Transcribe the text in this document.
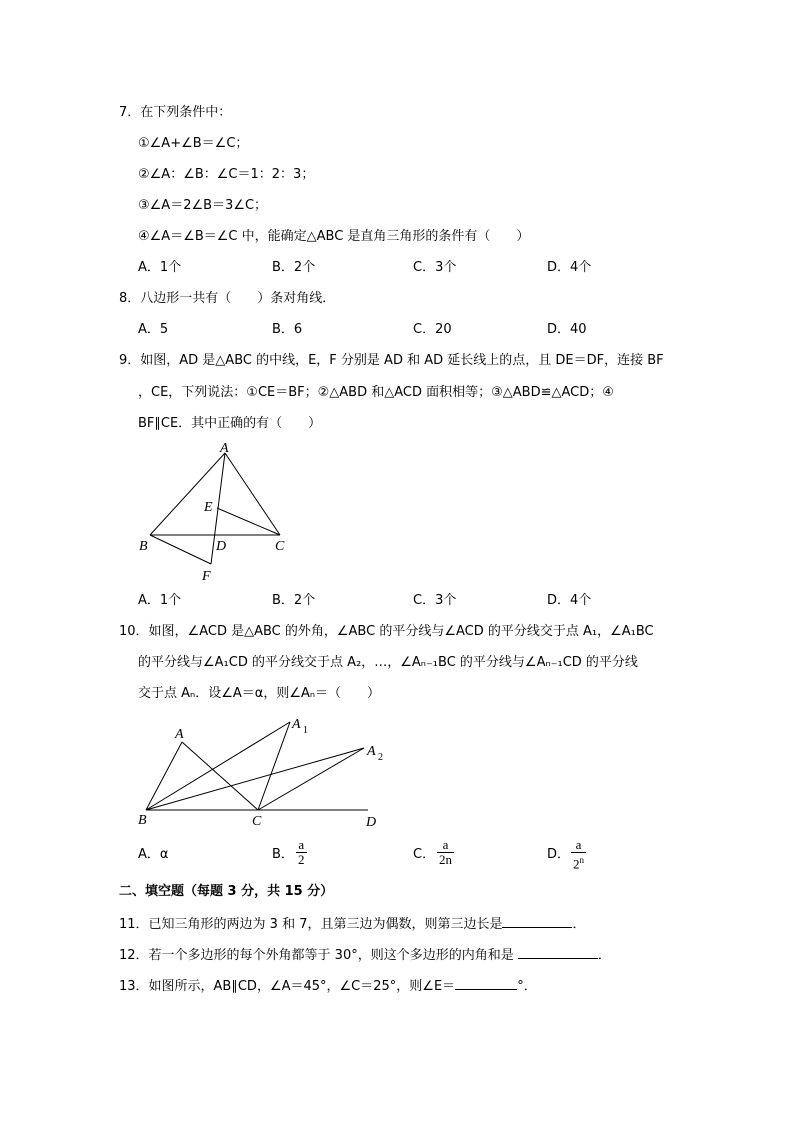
7．在下列条件中：
①∠A+∠B＝∠C；
②∠A：∠B：∠C＝1：2：3；
③∠A＝2∠B＝3∠C；
④∠A＝∠B＝∠C 中，能确定△ABC 是直角三角形的条件有（　　）
A．1个	B．2个	C．3个	D．4个
8．八边形一共有（　　）条对角线．
A．5	B．6	C．20	D．40
9．如图，AD 是△ABC 的中线，E，F 分别是 AD 和 AD 延长线上的点，且 DE＝DF，连接 BF
，CE，下列说法：①CE＝BF；②△ABD 和△ACD 面积相等；③△ABD≌△ACD；④
BF∥CE．其中正确的有（　　）
A
E
B	D	C
F
A．1个	B．2个	C．3个	D．4个
10．如图，∠ACD 是△ABC 的外角，∠ABC 的平分线与∠ACD 的平分线交于点 A₁，∠A₁BC
的平分线与∠A₁CD 的平分线交于点 A₂，…，∠Aₙ₋₁BC 的平分线与∠Aₙ₋₁CD 的平分线
交于点 Aₙ．设∠A＝α，则∠Aₙ＝（　　）
A
A 1
A 2
B	C	D
A．α	B． $\frac{a}{2}$	C． $\frac{a}{2n}$	D． $\frac{a}{2^n}$
二、填空题（每题 3 分，共 15 分）
11．已知三角形的两边为 3 和 7，且第三边为偶数，则第三边长是	．
12．若一个多边形的每个外角都等于 30°，则这个多边形的内角和是	．
13．如图所示，AB∥CD，∠A＝45°，∠C＝25°，则∠E＝	°．
